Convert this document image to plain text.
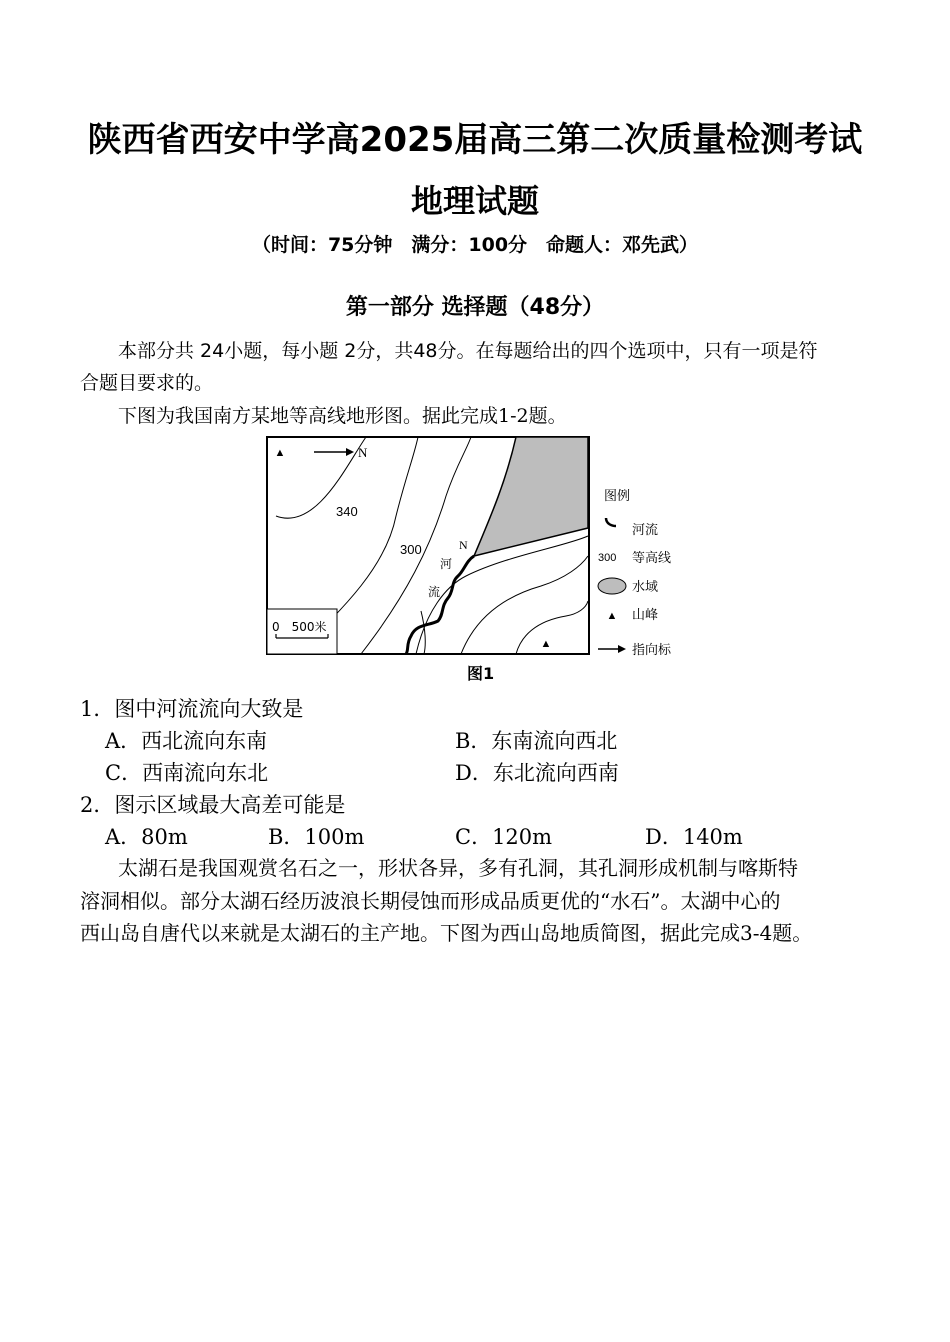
陕西省西安中学高2025届高三第二次质量检测考试
地理试题
（时间：75分钟　满分：100分　命题人：邓先武）
第一部分 选择题（48分）
本部分共 24小题，每小题 2分，共48分。在每题给出的四个选项中，只有一项是符
合题目要求的。
下图为我国南方某地等高线地形图。据此完成1-2题。
▲	N
340
300
河
流
N
▲
0　500米
图例
河流
300 等高线
水域
▲ 山峰
指向标
图1
1．图中河流流向大致是
A．西北流向东南	B．东南流向西北
C．西南流向东北	D．东北流向西南
2．图示区域最大高差可能是
A．80m	B．100m	C．120m	D．140m
太湖石是我国观赏名石之一，形状各异，多有孔洞，其孔洞形成机制与喀斯特
溶洞相似。部分太湖石经历波浪长期侵蚀而形成品质更优的“水石”。太湖中心的
西山岛自唐代以来就是太湖石的主产地。下图为西山岛地质简图，据此完成3-4题。
